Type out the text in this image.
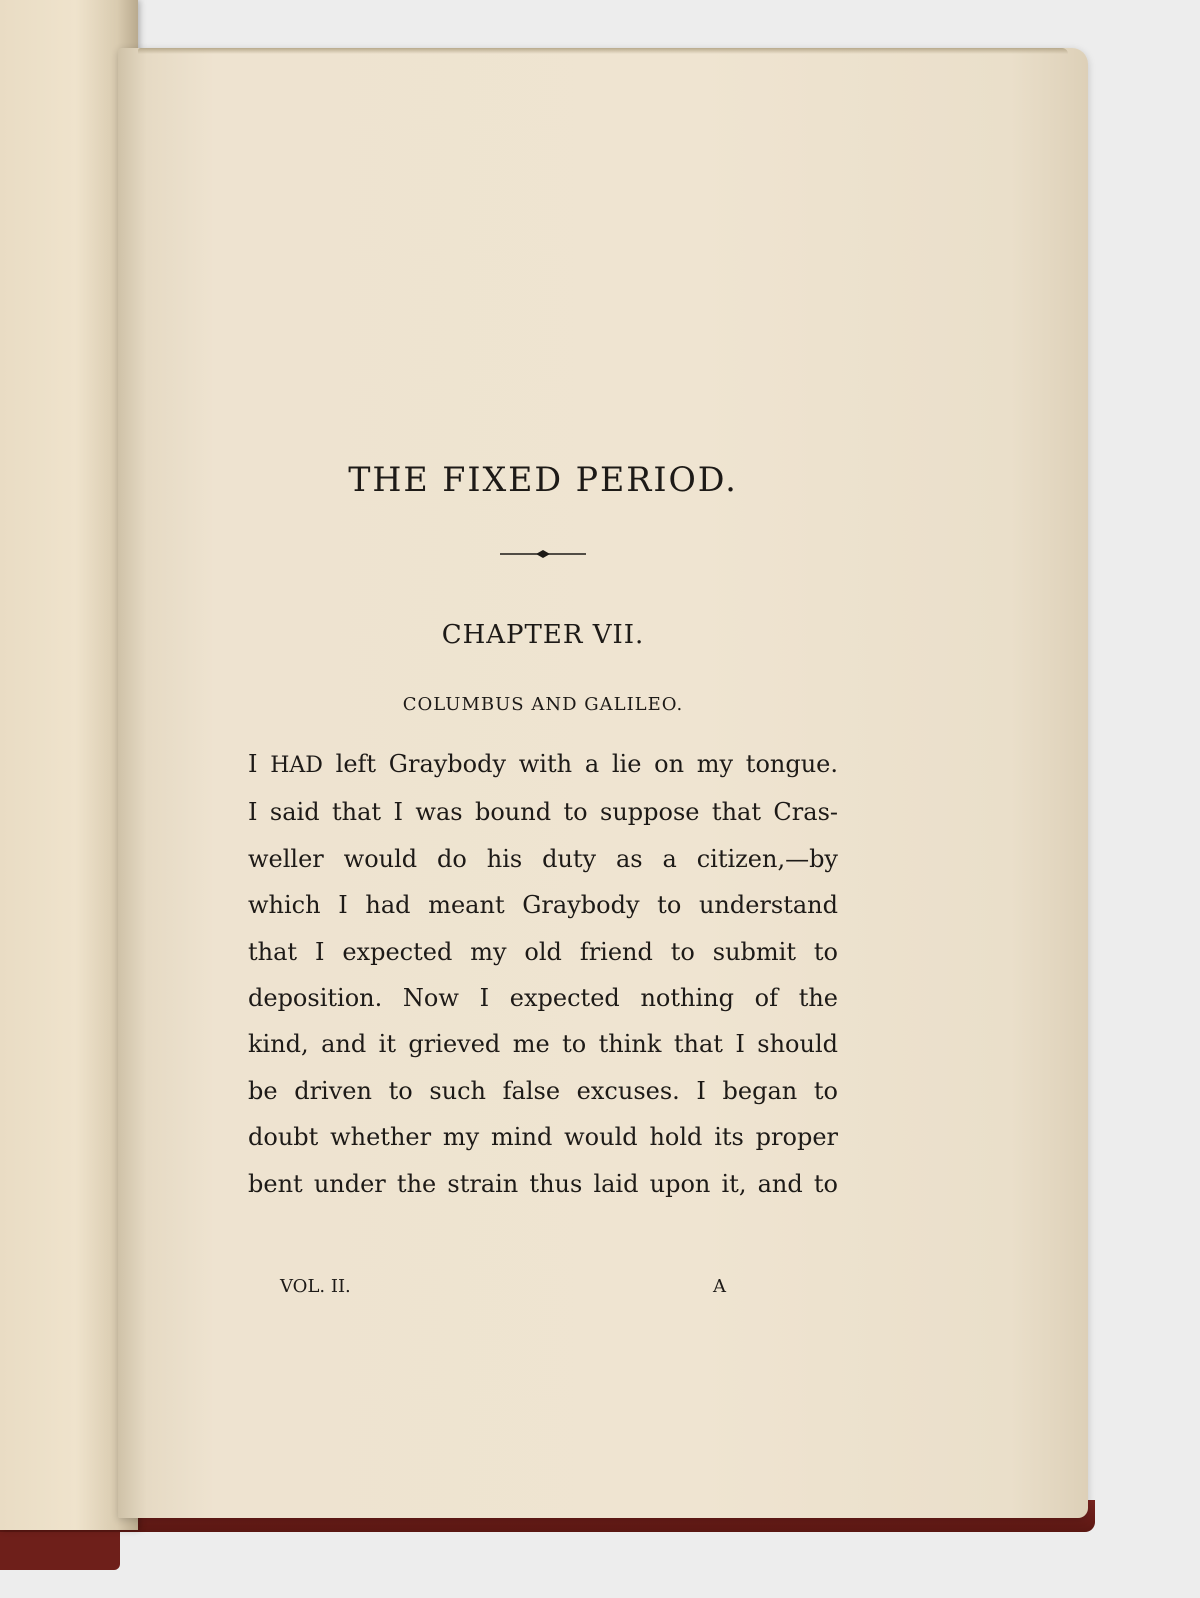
THE FIXED PERIOD.
CHAPTER VII.
COLUMBUS AND GALILEO.
I HAD left Graybody with a lie on my tongue.
I said that I was bound to suppose that Cras-
weller would do his duty as a citizen,—by
which I had meant Graybody to understand
that I expected my old friend to submit to
deposition. Now I expected nothing of the
kind, and it grieved me to think that I should
be driven to such false excuses. I began to
doubt whether my mind would hold its proper
bent under the strain thus laid upon it, and to
VOL. II.	A
